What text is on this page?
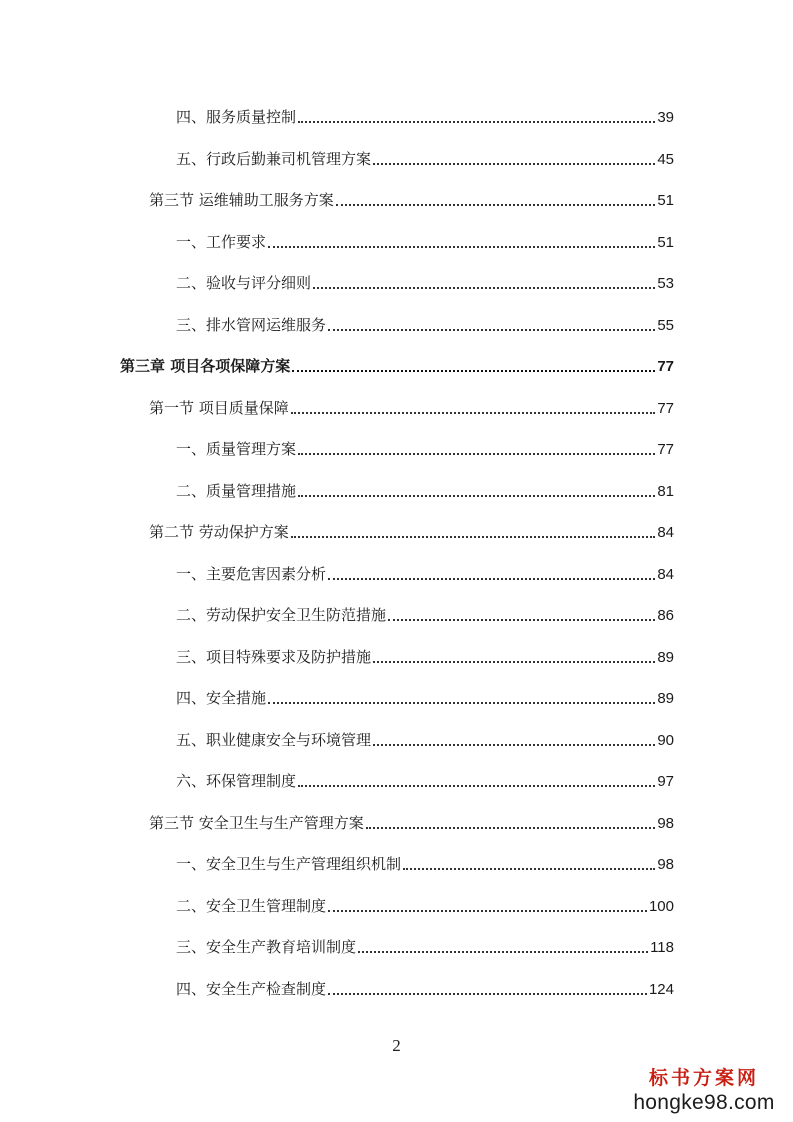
四、服务质量控制	39
五、行政后勤兼司机管理方案	45
第三节 运维辅助工服务方案	51
一、工作要求	51
二、验收与评分细则	53
三、排水管网运维服务	55
第三章 项目各项保障方案	77
第一节 项目质量保障	77
一、质量管理方案	77
二、质量管理措施	81
第二节 劳动保护方案	84
一、主要危害因素分析	84
二、劳动保护安全卫生防范措施	86
三、项目特殊要求及防护措施	89
四、安全措施	89
五、职业健康安全与环境管理	90
六、环保管理制度	97
第三节 安全卫生与生产管理方案	98
一、安全卫生与生产管理组织机制	98
二、安全卫生管理制度	100
三、安全生产教育培训制度	118
四、安全生产检查制度	124
2
标书方案网
hongke98.com
